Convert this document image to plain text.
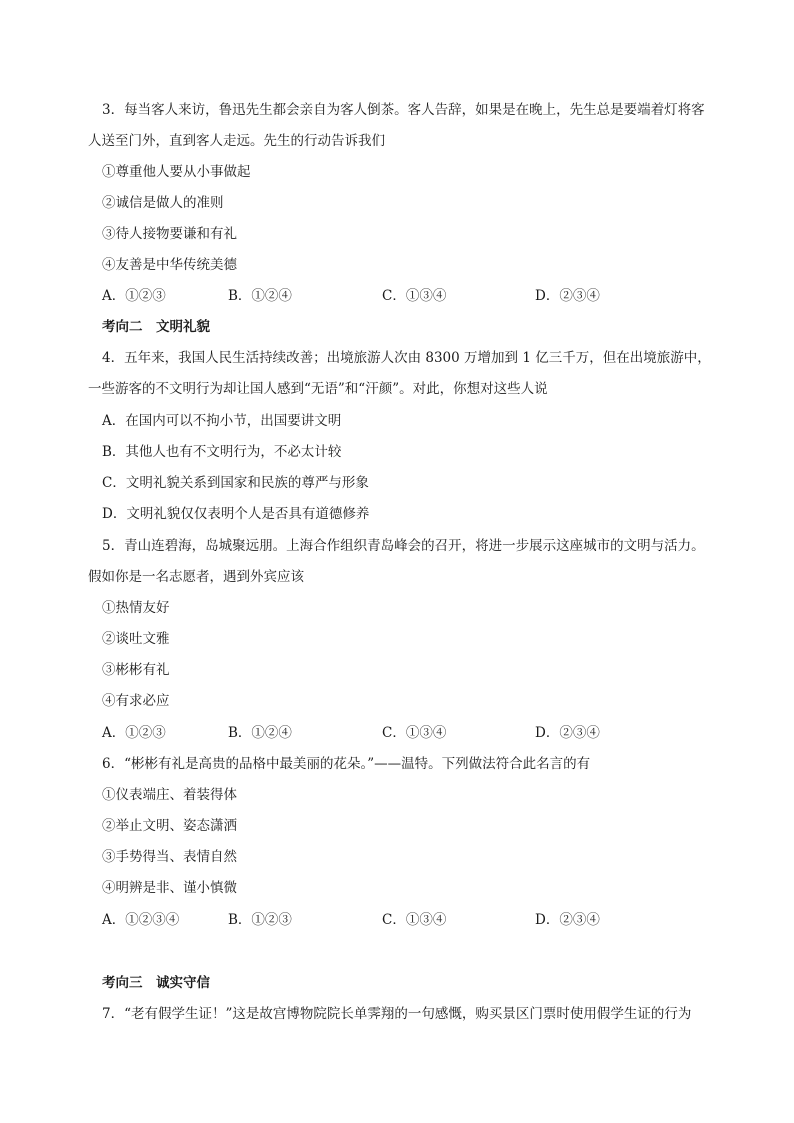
3．每当客人来访，鲁迅先生都会亲自为客人倒茶。客人告辞，如果是在晚上，先生总是要端着灯将客
人送至门外，直到客人走远。先生的行动告诉我们
①尊重他人要从小事做起
②诚信是做人的准则
③待人接物要谦和有礼
④友善是中华传统美德
A．①②③	B．①②④	C．①③④	D．②③④
考向二　文明礼貌
4．五年来，我国人民生活持续改善；出境旅游人次由 8300 万增加到 1 亿三千万，但在出境旅游中，
一些游客的不文明行为却让国人感到“无语”和“汗颜”。对此，你想对这些人说
A．在国内可以不拘小节，出国要讲文明
B．其他人也有不文明行为，不必太计较
C．文明礼貌关系到国家和民族的尊严与形象
D．文明礼貌仅仅表明个人是否具有道德修养
5．青山连碧海，岛城聚远朋。上海合作组织青岛峰会的召开，将进一步展示这座城市的文明与活力。
假如你是一名志愿者，遇到外宾应该
①热情友好
②谈吐文雅
③彬彬有礼
④有求必应
A．①②③	B．①②④	C．①③④	D．②③④
6．“彬彬有礼是高贵的品格中最美丽的花朵。”——温特。下列做法符合此名言的有
①仪表端庄、着装得体
②举止文明、姿态潇洒
③手势得当、表情自然
④明辨是非、谨小慎微
A．①②③④	B．①②③	C．①③④	D．②③④
考向三　诚实守信
7．“老有假学生证！”这是故宫博物院院长单霁翔的一句感慨，购买景区门票时使用假学生证的行为
